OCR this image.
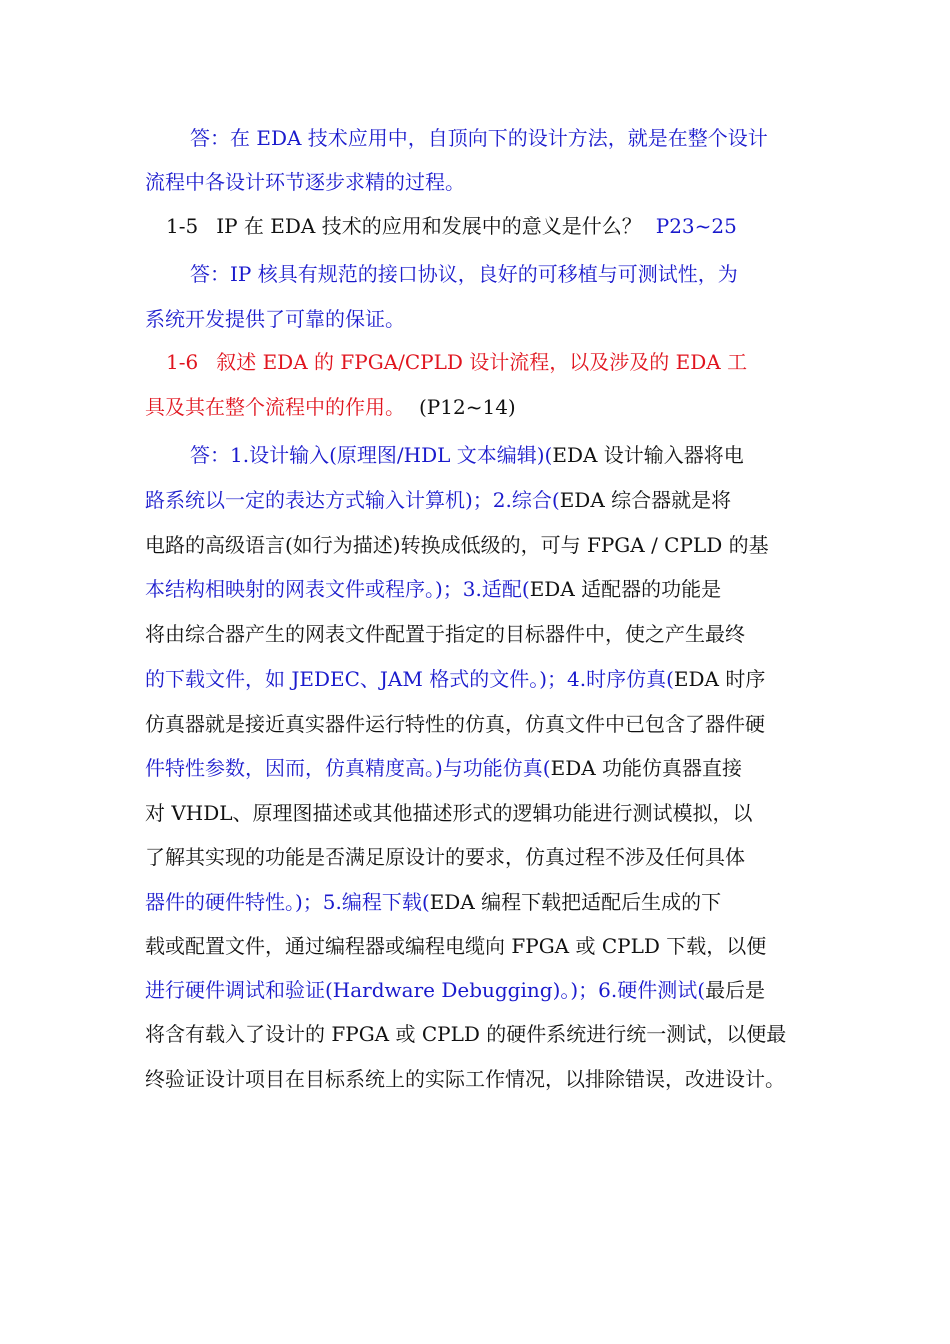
答：在 EDA 技术应用中，自顶向下的设计方法，就是在整个设计
流程中各设计环节逐步求精的过程。
1-5 IP 在 EDA 技术的应用和发展中的意义是什么？ P23~25
答：IP 核具有规范的接口协议，良好的可移植与可测试性，为
系统开发提供了可靠的保证。
1-6 叙述 EDA 的 FPGA/CPLD 设计流程，以及涉及的 EDA 工
具及其在整个流程中的作用。 (P12~14)
答：1.设计输入(原理图/HDL 文本编辑)(EDA 设计输入器将电
路系统以一定的表达方式输入计算机)；2.综合(EDA 综合器就是将
电路的高级语言(如行为描述)转换成低级的，可与 FPGA / CPLD 的基
本结构相映射的网表文件或程序。)；3.适配(EDA 适配器的功能是
将由综合器产生的网表文件配置于指定的目标器件中，使之产生最终
的下载文件，如 JEDEC、JAM 格式的文件。)；4.时序仿真(EDA 时序
仿真器就是接近真实器件运行特性的仿真，仿真文件中已包含了器件硬
件特性参数，因而，仿真精度高。)与功能仿真(EDA 功能仿真器直接
对 VHDL、原理图描述或其他描述形式的逻辑功能进行测试模拟，以
了解其实现的功能是否满足原设计的要求，仿真过程不涉及任何具体
器件的硬件特性。)；5.编程下载(EDA 编程下载把适配后生成的下
载或配置文件，通过编程器或编程电缆向 FPGA 或 CPLD 下载，以便
进行硬件调试和验证(Hardware Debugging)。)；6.硬件测试(最后是
将含有载入了设计的 FPGA 或 CPLD 的硬件系统进行统一测试，以便最
终验证设计项目在目标系统上的实际工作情况，以排除错误，改进设计。
